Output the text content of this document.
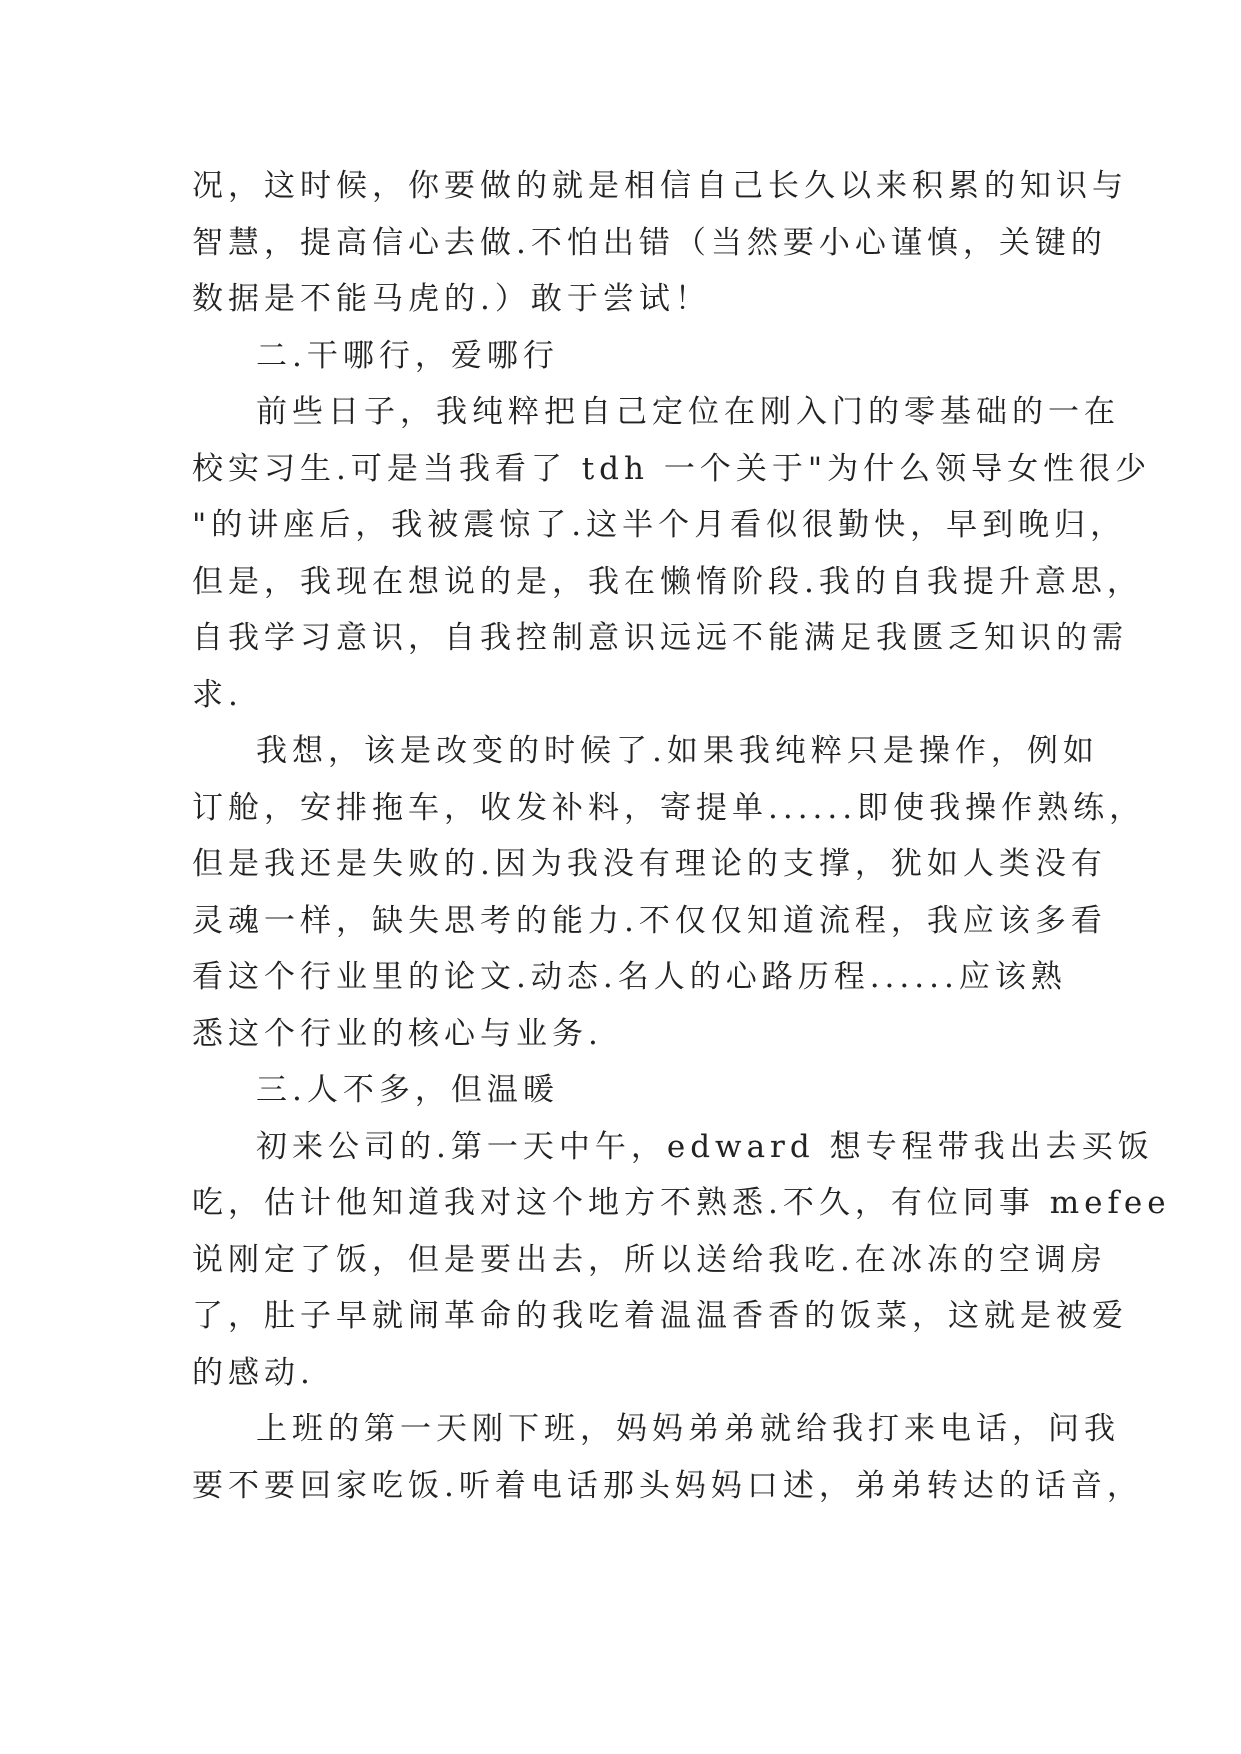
况，这时候，你要做的就是相信自己长久以来积累的知识与
智慧，提高信心去做.不怕出错（当然要小心谨慎，关键的
数据是不能马虎的.）敢于尝试！
二.干哪行，爱哪行
前些日子，我纯粹把自己定位在刚入门的零基础的一在
校实习生.可是当我看了 tdh 一个关于"为什么领导女性很少
"的讲座后，我被震惊了.这半个月看似很勤快，早到晚归，
但是，我现在想说的是，我在懒惰阶段.我的自我提升意思，
自我学习意识，自我控制意识远远不能满足我匮乏知识的需
求.
我想，该是改变的时候了.如果我纯粹只是操作，例如
订舱，安排拖车，收发补料，寄提单......即使我操作熟练，
但是我还是失败的.因为我没有理论的支撑，犹如人类没有
灵魂一样，缺失思考的能力.不仅仅知道流程，我应该多看
看这个行业里的论文.动态.名人的心路历程......应该熟
悉这个行业的核心与业务.
三.人不多，但温暖
初来公司的.第一天中午，edward 想专程带我出去买饭
吃，估计他知道我对这个地方不熟悉.不久，有位同事 mefee
说刚定了饭，但是要出去，所以送给我吃.在冰冻的空调房
了，肚子早就闹革命的我吃着温温香香的饭菜，这就是被爱
的感动.
上班的第一天刚下班，妈妈弟弟就给我打来电话，问我
要不要回家吃饭.听着电话那头妈妈口述，弟弟转达的话音，
